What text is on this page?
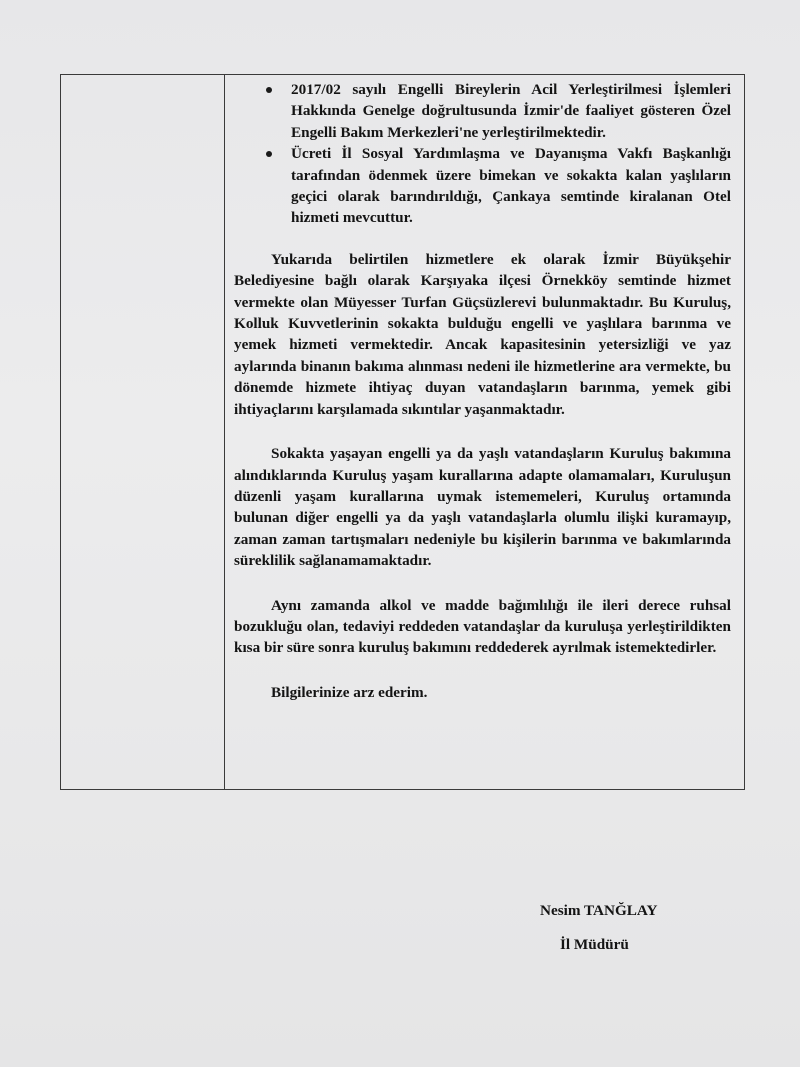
2017/02 sayılı Engelli Bireylerin Acil Yerleştirilmesi İşlemleri Hakkında Genelge doğrultusunda İzmir'de faaliyet gösteren Özel Engelli Bakım Merkezleri'ne yerleştirilmektedir.
Ücreti İl Sosyal Yardımlaşma ve Dayanışma Vakfı Başkanlığı tarafından ödenmek üzere bimekan ve sokakta kalan yaşlıların geçici olarak barındırıldığı, Çankaya semtinde kiralanan Otel hizmeti mevcuttur.

Yukarıda belirtilen hizmetlere ek olarak İzmir Büyükşehir Belediyesine bağlı olarak Karşıyaka ilçesi Örnekköy semtinde hizmet vermekte olan Müyesser Turfan Güçsüzlerevi bulunmaktadır. Bu Kuruluş, Kolluk Kuvvetlerinin sokakta bulduğu engelli ve yaşlılara barınma ve yemek hizmeti vermektedir. Ancak kapasitesinin yetersizliği ve yaz aylarında binanın bakıma alınması nedeni ile hizmetlerine ara vermekte, bu dönemde hizmete ihtiyaç duyan vatandaşların barınma, yemek gibi ihtiyaçlarını karşılamada sıkıntılar yaşanmaktadır.

Sokakta yaşayan engelli ya da yaşlı vatandaşların Kuruluş bakımına alındıklarında Kuruluş yaşam kurallarına adapte olamamaları, Kuruluşun düzenli yaşam kurallarına uymak istememeleri, Kuruluş ortamında bulunan diğer engelli ya da yaşlı vatandaşlarla olumlu ilişki kuramayıp, zaman zaman tartışmaları nedeniyle bu kişilerin barınma ve bakımlarında süreklilik sağlanamamaktadır.

Aynı zamanda alkol ve madde bağımlılığı ile ileri derece ruhsal bozukluğu olan, tedaviyi reddeden vatandaşlar da kuruluşa yerleştirildikten kısa bir süre sonra kuruluş bakımını reddederek ayrılmak istemektedirler.

Bilgilerinize arz ederim.

Nesim TANĞLAY
İl Müdürü
